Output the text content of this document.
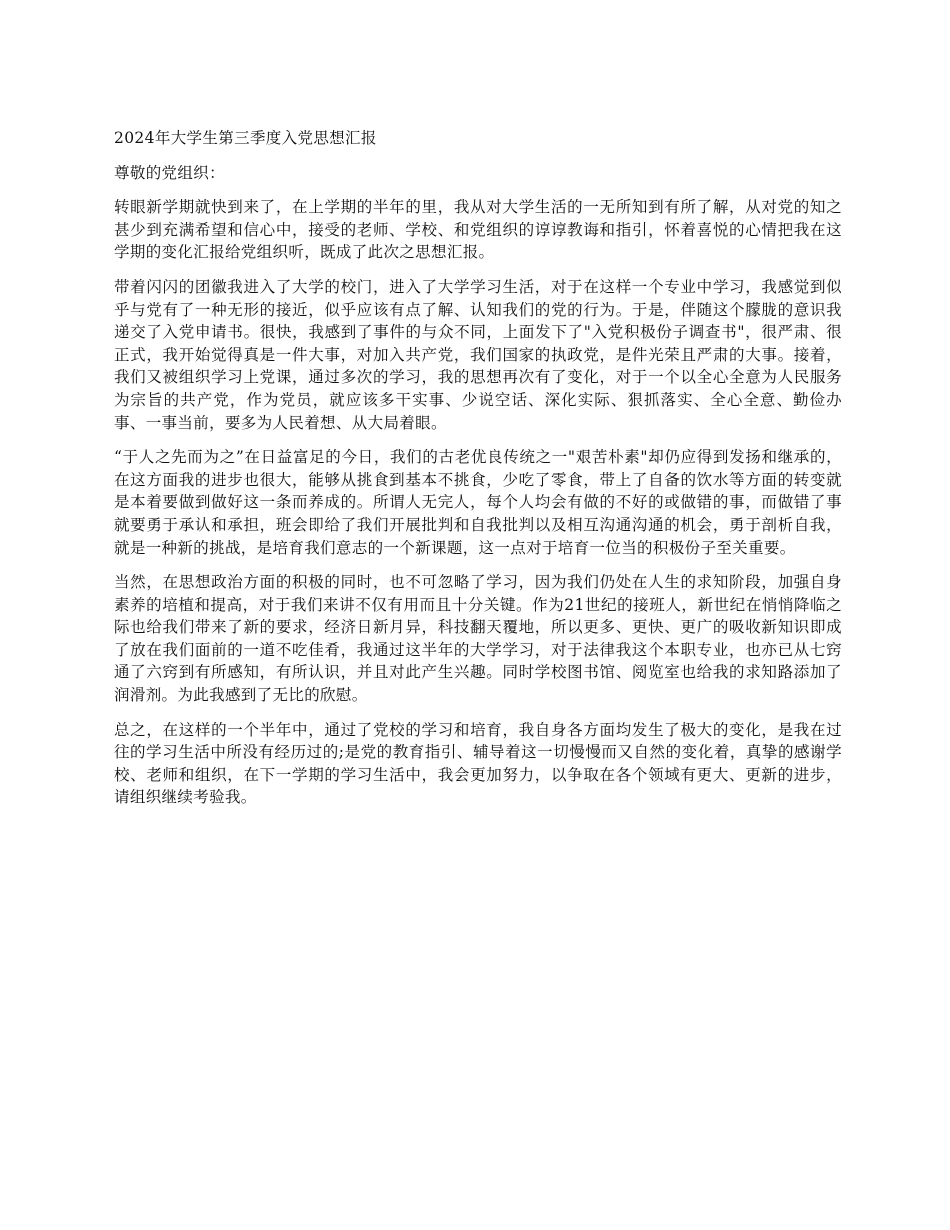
2024年大学生第三季度入党思想汇报

尊敬的党组织：

转眼新学期就快到来了，在上学期的半年的里，我从对大学生活的一无所知到有所了解，从对党的知之甚少到充满希望和信心中，接受的老师、学校、和党组织的谆谆教诲和指引，怀着喜悦的心情把我在这学期的变化汇报给党组织听，既成了此次之思想汇报。

带着闪闪的团徽我进入了大学的校门，进入了大学学习生活，对于在这样一个专业中学习，我感觉到似乎与党有了一种无形的接近，似乎应该有点了解、认知我们的党的行为。于是，伴随这个朦胧的意识我递交了入党申请书。很快，我感到了事件的与众不同，上面发下了"入党积极份子调查书"，很严肃、很正式，我开始觉得真是一件大事，对加入共产党，我们国家的执政党，是件光荣且严肃的大事。接着，我们又被组织学习上党课，通过多次的学习，我的思想再次有了变化，对于一个以全心全意为人民服务为宗旨的共产党，作为党员，就应该多干实事、少说空话、深化实际、狠抓落实、全心全意、勤俭办事、一事当前，要多为人民着想、从大局着眼。

“于人之先而为之”在日益富足的今日，我们的古老优良传统之一"艰苦朴素"却仍应得到发扬和继承的，在这方面我的进步也很大，能够从挑食到基本不挑食，少吃了零食，带上了自备的饮水等方面的转变就是本着要做到做好这一条而养成的。所谓人无完人，每个人均会有做的不好的或做错的事，而做错了事就要勇于承认和承担，班会即给了我们开展批判和自我批判以及相互沟通沟通的机会，勇于剖析自我，就是一种新的挑战，是培育我们意志的一个新课题，这一点对于培育一位当的积极份子至关重要。

当然，在思想政治方面的积极的同时，也不可忽略了学习，因为我们仍处在人生的求知阶段，加强自身素养的培植和提高，对于我们来讲不仅有用而且十分关键。作为21世纪的接班人，新世纪在悄悄降临之际也给我们带来了新的要求，经济日新月异，科技翻天覆地，所以更多、更快、更广的吸收新知识即成了放在我们面前的一道不吃佳肴，我通过这半年的大学学习，对于法律我这个本职专业，也亦已从七窍通了六窍到有所感知，有所认识，并且对此产生兴趣。同时学校图书馆、阅览室也给我的求知路添加了润滑剂。为此我感到了无比的欣慰。

总之，在这样的一个半年中，通过了党校的学习和培育，我自身各方面均发生了极大的变化，是我在过往的学习生活中所没有经历过的;是党的教育指引、辅导着这一切慢慢而又自然的变化着，真挚的感谢学校、老师和组织，在下一学期的学习生活中，我会更加努力，以争取在各个领域有更大、更新的进步，请组织继续考验我。
